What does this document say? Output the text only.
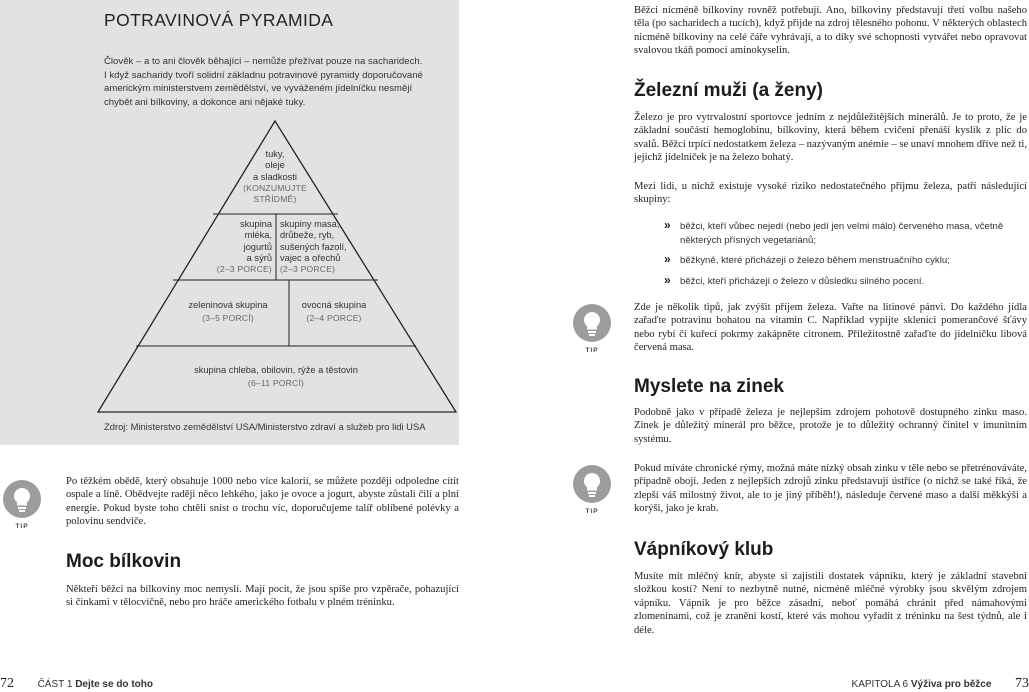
POTRAVINOVÁ PYRAMIDA
Člověk – a to ani člověk běhající – nemůže přežívat pouze na sacharidech.
I když sacharidy tvoří solidní základnu potravinové pyramidy doporučované
americkým ministerstvem zemědělství, ve vyváženém jídelníčku nesmějí
chybět ani bílkoviny, a dokonce ani nějaké tuky.
tuky,
oleje
a sladkosti
(KONZUMUJTE
STŘÍDMĚ)
skupina
mléka,
jogurtů
a sýrů
(2–3 PORCE)
skupiny masa,
drůbeže, ryb,
sušených fazolí,
vajec a ořechů
(2–3 PORCE)
zeleninová skupina
(3–5 PORCÍ)
ovocná skupina
(2–4 PORCE)
skupina chleba, obilovin, rýže a těstovin
(6–11 PORCÍ)
Zdroj: Ministerstvo zemědělství USA/Ministerstvo zdraví a služeb pro lidi USA
TIP
Po těžkém obědě, který obsahuje 1000 nebo více kalorií, se můžete později odpoledne cítit ospale a líně. Obědvejte raději něco lehkého, jako je ovoce a jogurt, abyste zůstali čilí a plní energie. Pokud byste toho chtěli sníst o trochu víc, doporučujeme talíř oblíbené polévky a polovinu sendviče.
Moc bílkovin
Někteří běžci na bílkoviny moc nemyslí. Mají pocit, že jsou spíše pro vzpěrače, pohazující si činkami v tělocvičně, nebo pro hráče amerického fotbalu v plném tréninku.
Běžci nicméně bílkoviny rovněž potřebují. Ano, bílkoviny představují třetí volbu našeho těla (po sacharidech a tucích), když přijde na zdroj tělesného pohonu. V některých oblastech nicméně bílkoviny na celé čáře vyhrávají, a to díky své schopnosti vytvářet nebo opravovat svalovou tkáň pomocí aminokyselin.
Železní muži (a ženy)
Železo je pro vytrvalostní sportovce jedním z nejdůležitějších minerálů. Je to proto, že je základní součástí hemoglobinu, bílkoviny, která během cvičení přenáší kyslík z plic do svalů. Běžci trpící nedostatkem železa – nazývaným anémie – se unaví mnohem dříve než ti, jejichž jídelníček je na železo bohatý.
Mezi lidi, u nichž existuje vysoké riziko nedostatečného příjmu železa, patří následující skupiny:
» běžci, kteří vůbec nejedí (nebo jedí jen velmi málo) červeného masa, včetně některých přísných vegetariánů;
» běžkyně, které přicházejí o železo během menstruačního cyklu;
» běžci, kteří přicházejí o železo v důsledku silného pocení.
TIP
Zde je několik tipů, jak zvýšit příjem železa. Vařte na litinové pánvi. Do každého jídla zařaďte potravinu bohatou na vitamin C. Například vypijte sklenici pomerančové šťávy nebo rybí či kuřecí pokrmy zakápněte citronem. Příležitostně zařaďte do jídelníčku libová červená masa.
Myslete na zinek
Podobně jako v případě železa je nejlepším zdrojem pohotově dostupného zinku maso. Zinek je důležitý minerál pro běžce, protože je to důležitý ochranný činitel v imunitním systému.
TIP
Pokud míváte chronické rýmy, možná máte nízký obsah zinku v těle nebo se přetrénováváte, případně obojí. Jeden z nejlepších zdrojů zinku představují ústřice (o nichž se také říká, že zlepší váš milostný život, ale to je jiný příběh!), následuje červené maso a další měkkýši a korýši, jako je krab.
Vápníkový klub
Musíte mít mléčný knír, abyste si zajistili dostatek vápníku, který je základní stavební složkou kostí? Není to nezbytně nutné, nicméně mléčné výrobky jsou skvělým zdrojem vápníku. Vápník je pro běžce zásadní, neboť pomáhá chránit před námahovými zlomeninami, což je zranění kostí, které vás mohou vyřadit z tréninku na šest týdnů, ale i déle.
72 ČÁST 1 Dejte se do toho	KAPITOLA 6 Výživa pro běžce 73
